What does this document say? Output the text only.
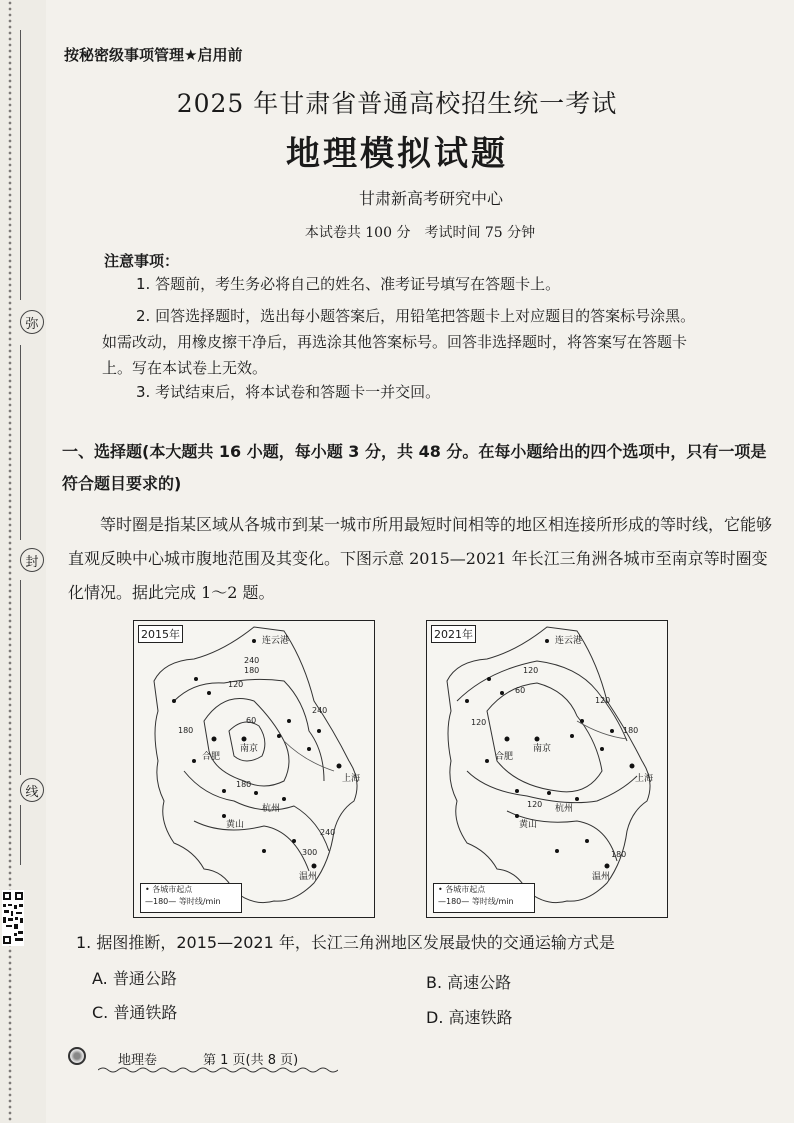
弥
封
线
按秘密级事项管理★启用前
2025 年甘肃省普通高校招生统一考试
地理模拟试题
甘肃新高考研究中心
本试卷共 100 分　考试时间 75 分钟
注意事项：
1. 答题前，考生务必将自己的姓名、准考证号填写在答题卡上。
2. 回答选择题时，选出每小题答案后，用铅笔把答题卡上对应题目的答案标号涂黑。
如需改动，用橡皮擦干净后，再选涂其他答案标号。回答非选择题时，将答案写在答题卡
上。写在本试卷上无效。
3. 考试结束后，将本试卷和答题卡一并交回。
一、选择题(本大题共 16 小题，每小题 3 分，共 48 分。在每小题给出的四个选项中，只有一项是符合题目要求的)
等时圈是指某区域从各城市到某一城市所用最短时间相等的地区相连接所形成的等时线，它能够直观反映中心城市腹地范围及其变化。下图示意 2015—2021 年长江三角洲各城市至南京等时圈变化情况。据此完成 1～2 题。
连云港
合肥
南京
上海
杭州
黄山
温州
240
180
120
60
240
180
240
300
180
2015年
• 各城市起点
—180— 等时线/min
连云港
合肥
南京
上海
杭州
黄山
温州
120
60
120
120
180
120
180
2021年
• 各城市起点
—180— 等时线/min
1. 据图推断，2015—2021 年，长江三角洲地区发展最快的交通运输方式是
A. 普通公路	B. 高速公路
C. 普通铁路	D. 高速铁路
地理卷	第 1 页(共 8 页)
